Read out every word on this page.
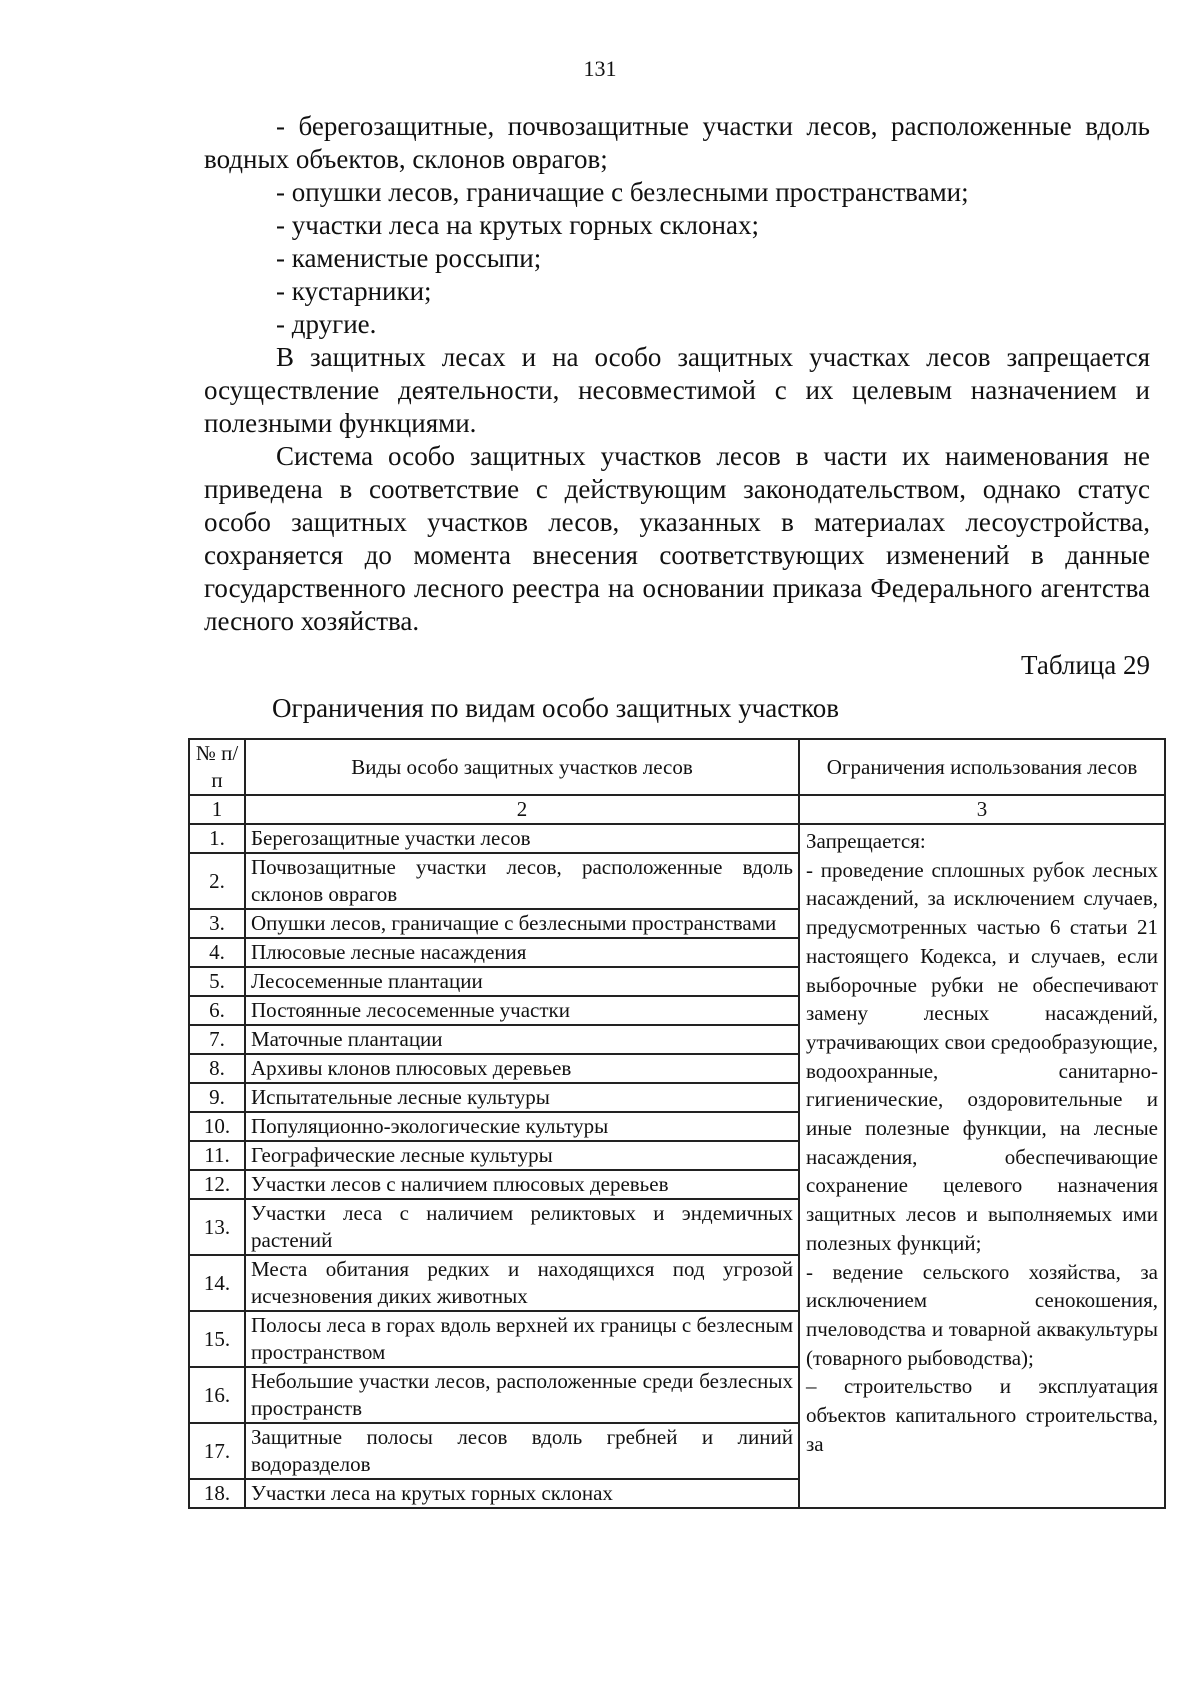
131

- берегозащитные, почвозащитные участки лесов, расположенные вдоль водных объектов, склонов оврагов;

- опушки лесов, граничащие с безлесными пространствами;

- участки леса на крутых горных склонах;

- каменистые россыпи;

- кустарники;

- другие.

В защитных лесах и на особо защитных участках лесов запрещается осуществление деятельности, несовместимой с их целевым назначением и полезными функциями.

Система особо защитных участков лесов в части их наименования не приведена в соответствие с действующим законодательством, однако статус особо защитных участков лесов, указанных в материалах лесоустройства, сохраняется до момента внесения соответствующих изменений в данные государственного лесного реестра на основании приказа Федерального агентства лесного хозяйства.

Таблица 29
Ограничения по видам особо защитных участков
№ п/п	Виды особо защитных участков лесов	Ограничения использования лесов
1	2	3
1.	Берегозащитные участки лесов	Запрещается:

- проведение сплошных рубок лесных насаждений, за исключением случаев, предусмотренных частью 6 статьи 21 настоящего Кодекса, и случаев, если выборочные рубки не обеспечивают замену лесных насаждений, утрачивающих свои средообразующие, водоохранные, санитарно-гигиенические, оздоровительные и иные полезные функции, на лесные насаждения, обеспечивающие сохранение целевого назначения защитных лесов и выполняемых ими полезных функций;

- ведение сельского хозяйства, за исключением сенокошения, пчеловодства и товарной аквакультуры (товарного рыбоводства);

– строительство и эксплуатация объектов капитального строительства, за

2.	Почвозащитные участки лесов, расположенные вдоль склонов оврагов	
3.	Опушки лесов, граничащие с безлесными пространствами	
4.	Плюсовые лесные насаждения	
5.	Лесосеменные плантации	
6.	Постоянные лесосеменные участки	
7.	Маточные плантации	
8.	Архивы клонов плюсовых деревьев	
9.	Испытательные лесные культуры	
10.	Популяционно-экологические культуры	
11.	Географические лесные культуры	
12.	Участки лесов с наличием плюсовых деревьев	
13.	Участки леса с наличием реликтовых и эндемичных растений	
14.	Места обитания редких и находящихся под угрозой исчезновения диких животных	
15.	Полосы леса в горах вдоль верхней их границы с безлесным пространством	
16.	Небольшие участки лесов, расположенные среди безлесных пространств	
17.	Защитные полосы лесов вдоль гребней и линий водоразделов	
18.	Участки леса на крутых горных склонах	
